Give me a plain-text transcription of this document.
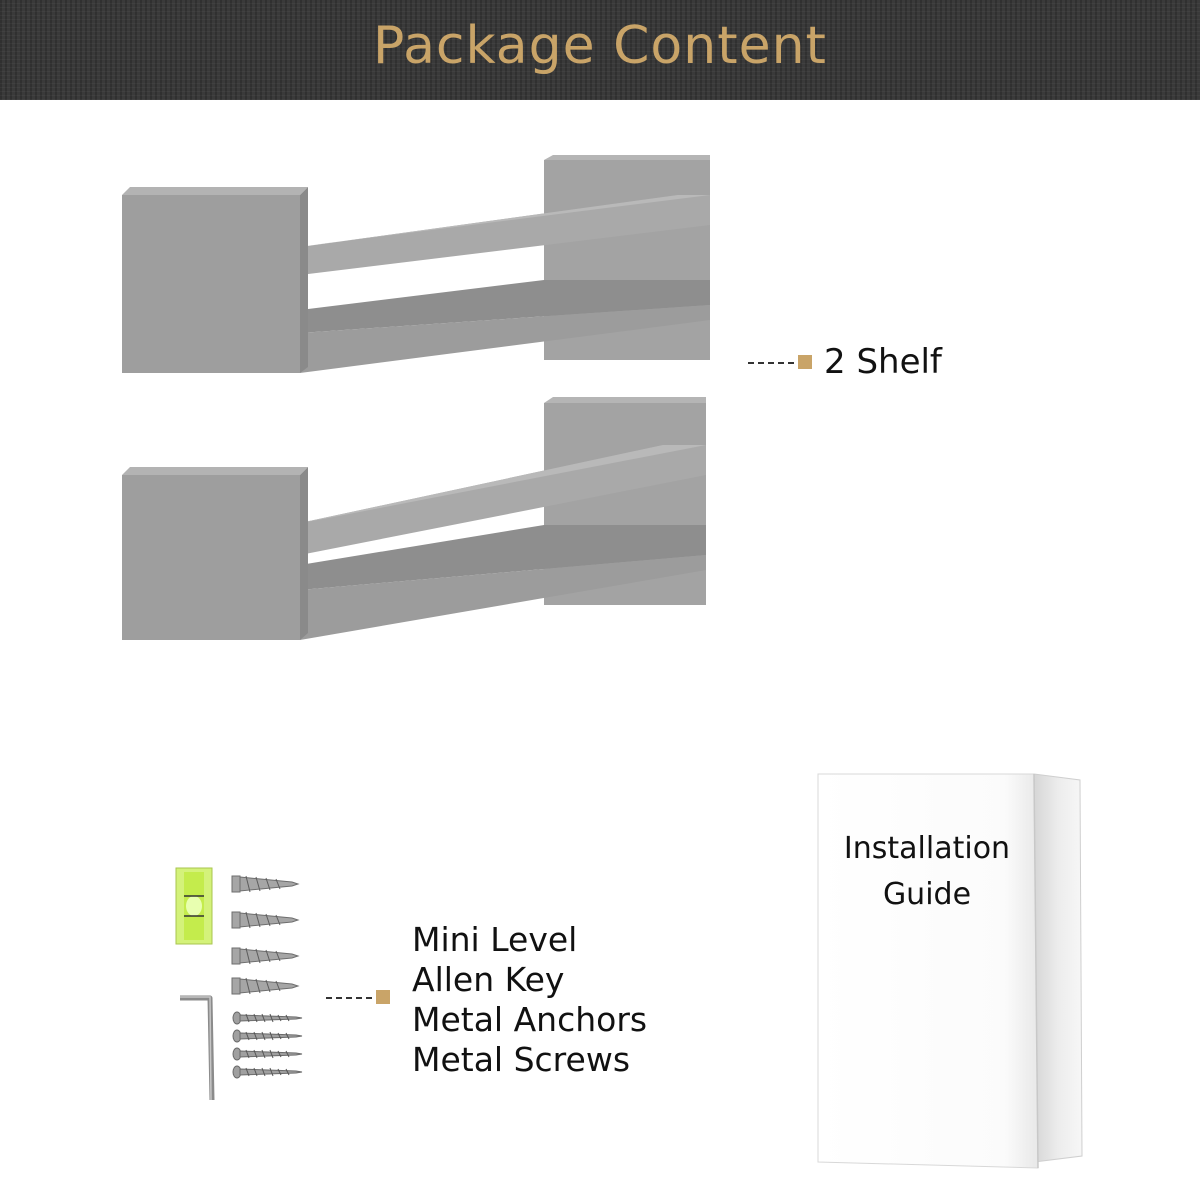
Package Content
2 Shelf
Mini Level
Allen Key
Metal Anchors
Metal Screws
Installation
Guide
